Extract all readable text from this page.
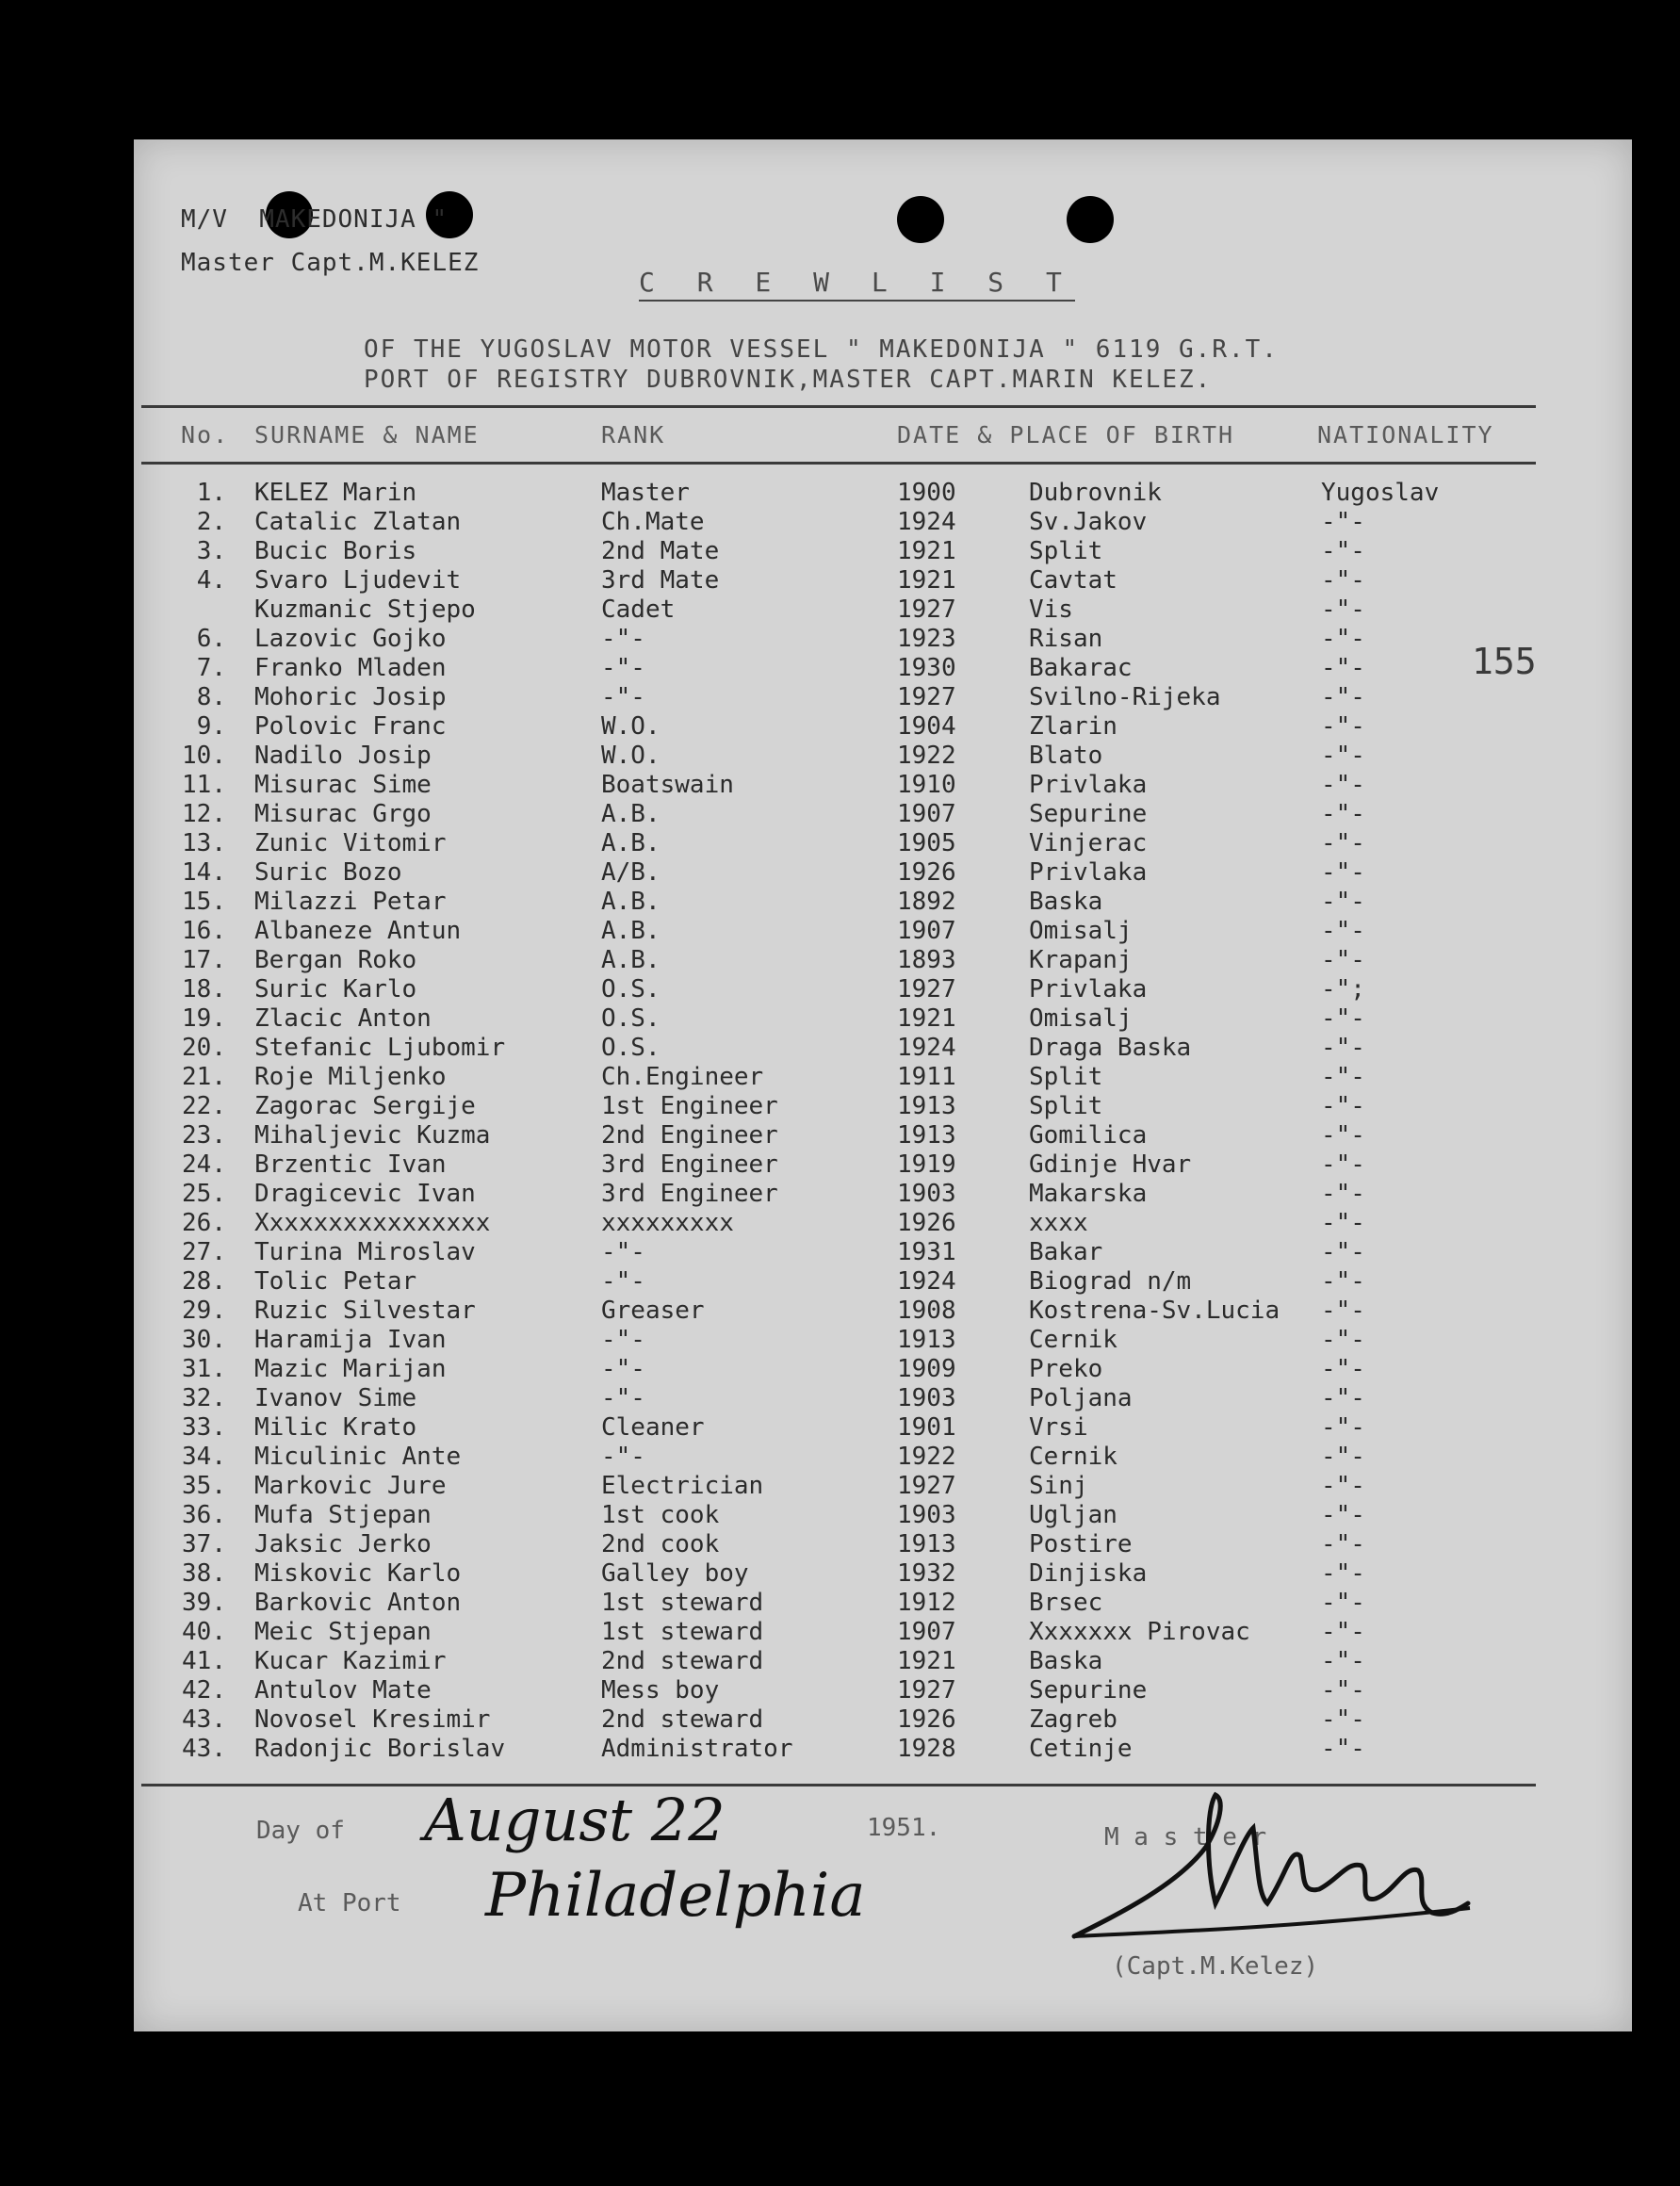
M/V  MAKEDONIJA "
Master Capt.M.KELEZ
C R E W L I S T
OF THE YUGOSLAV MOTOR VESSEL " MAKEDONIJA " 6119 G.R.T.
PORT OF REGISTRY DUBROVNIK,MASTER CAPT.MARIN KELEZ.
No. SURNAME & NAME	RANK	DATE & PLACE OF BIRTH	NATIONALITY
1. KELEZ Marin	Master	1900	Dubrovnik	Yugoslav
2. Catalic Zlatan	Ch.Mate	1924	Sv.Jakov	-"-
3. Bucic Boris	2nd Mate	1921	Split	-"-
4. Svaro Ljudevit	3rd Mate	1921	Cavtat	-"-
Kuzmanic Stjepo	Cadet	1927	Vis	-"-
6. Lazovic Gojko	-"-	1923	Risan	-"-
7. Franko Mladen	-"-	1930	Bakarac	-"-
8. Mohoric Josip	-"-	1927	Svilno-Rijeka	-"-
9. Polovic Franc	W.O.	1904	Zlarin	-"-
10. Nadilo Josip	W.O.	1922	Blato	-"-
11. Misurac Sime	Boatswain	1910	Privlaka	-"-
12. Misurac Grgo	A.B.	1907	Sepurine	-"-
13. Zunic Vitomir	A.B.	1905	Vinjerac	-"-
14. Suric Bozo	A/B.	1926	Privlaka	-"-
15. Milazzi Petar	A.B.	1892	Baska	-"-
16. Albaneze Antun	A.B.	1907	Omisalj	-"-
17. Bergan Roko	A.B.	1893	Krapanj	-"-
18. Suric Karlo	O.S.	1927	Privlaka	-";
19. Zlacic Anton	O.S.	1921	Omisalj	-"-
20. Stefanic Ljubomir	O.S.	1924	Draga Baska	-"-
21. Roje Miljenko	Ch.Engineer	1911	Split	-"-
22. Zagorac Sergije	1st Engineer	1913	Split	-"-
23. Mihaljevic Kuzma	2nd Engineer	1913	Gomilica	-"-
24. Brzentic Ivan	3rd Engineer	1919	Gdinje Hvar	-"-
25. Dragicevic Ivan	3rd Engineer	1903	Makarska	-"-
26. Xxxxxxxxxxxxxxxx	xxxxxxxxx	1926	xxxx	-"-
27. Turina Miroslav	-"-	1931	Bakar	-"-
28. Tolic Petar	-"-	1924	Biograd n/m	-"-
29. Ruzic Silvestar	Greaser	1908	Kostrena-Sv.Lucia -"-
30. Haramija Ivan	-"-	1913	Cernik	-"-
31. Mazic Marijan	-"-	1909	Preko	-"-
32. Ivanov Sime	-"-	1903	Poljana	-"-
33. Milic Krato	Cleaner	1901	Vrsi	-"-
34. Miculinic Ante	-"-	1922	Cernik	-"-
35. Markovic Jure	Electrician	1927	Sinj	-"-
36. Mufa Stjepan	1st cook	1903	Ugljan	-"-
37. Jaksic Jerko	2nd cook	1913	Postire	-"-
38. Miskovic Karlo	Galley boy	1932	Dinjiska	-"-
39. Barkovic Anton	1st steward	1912	Brsec	-"-
40. Meic Stjepan	1st steward	1907	Xxxxxxx Pirovac	-"-
41. Kucar Kazimir	2nd steward	1921	Baska	-"-
42. Antulov Mate	Mess boy	1927	Sepurine	-"-
43. Novosel Kresimir	2nd steward	1926	Zagreb	-"-
43. Radonjic Borislav	Administrator	1928	Cetinje	-"-
155
Day of August 22	1951.
At Port Philadelphia
M a s t e r
(Capt.M.Kelez)
